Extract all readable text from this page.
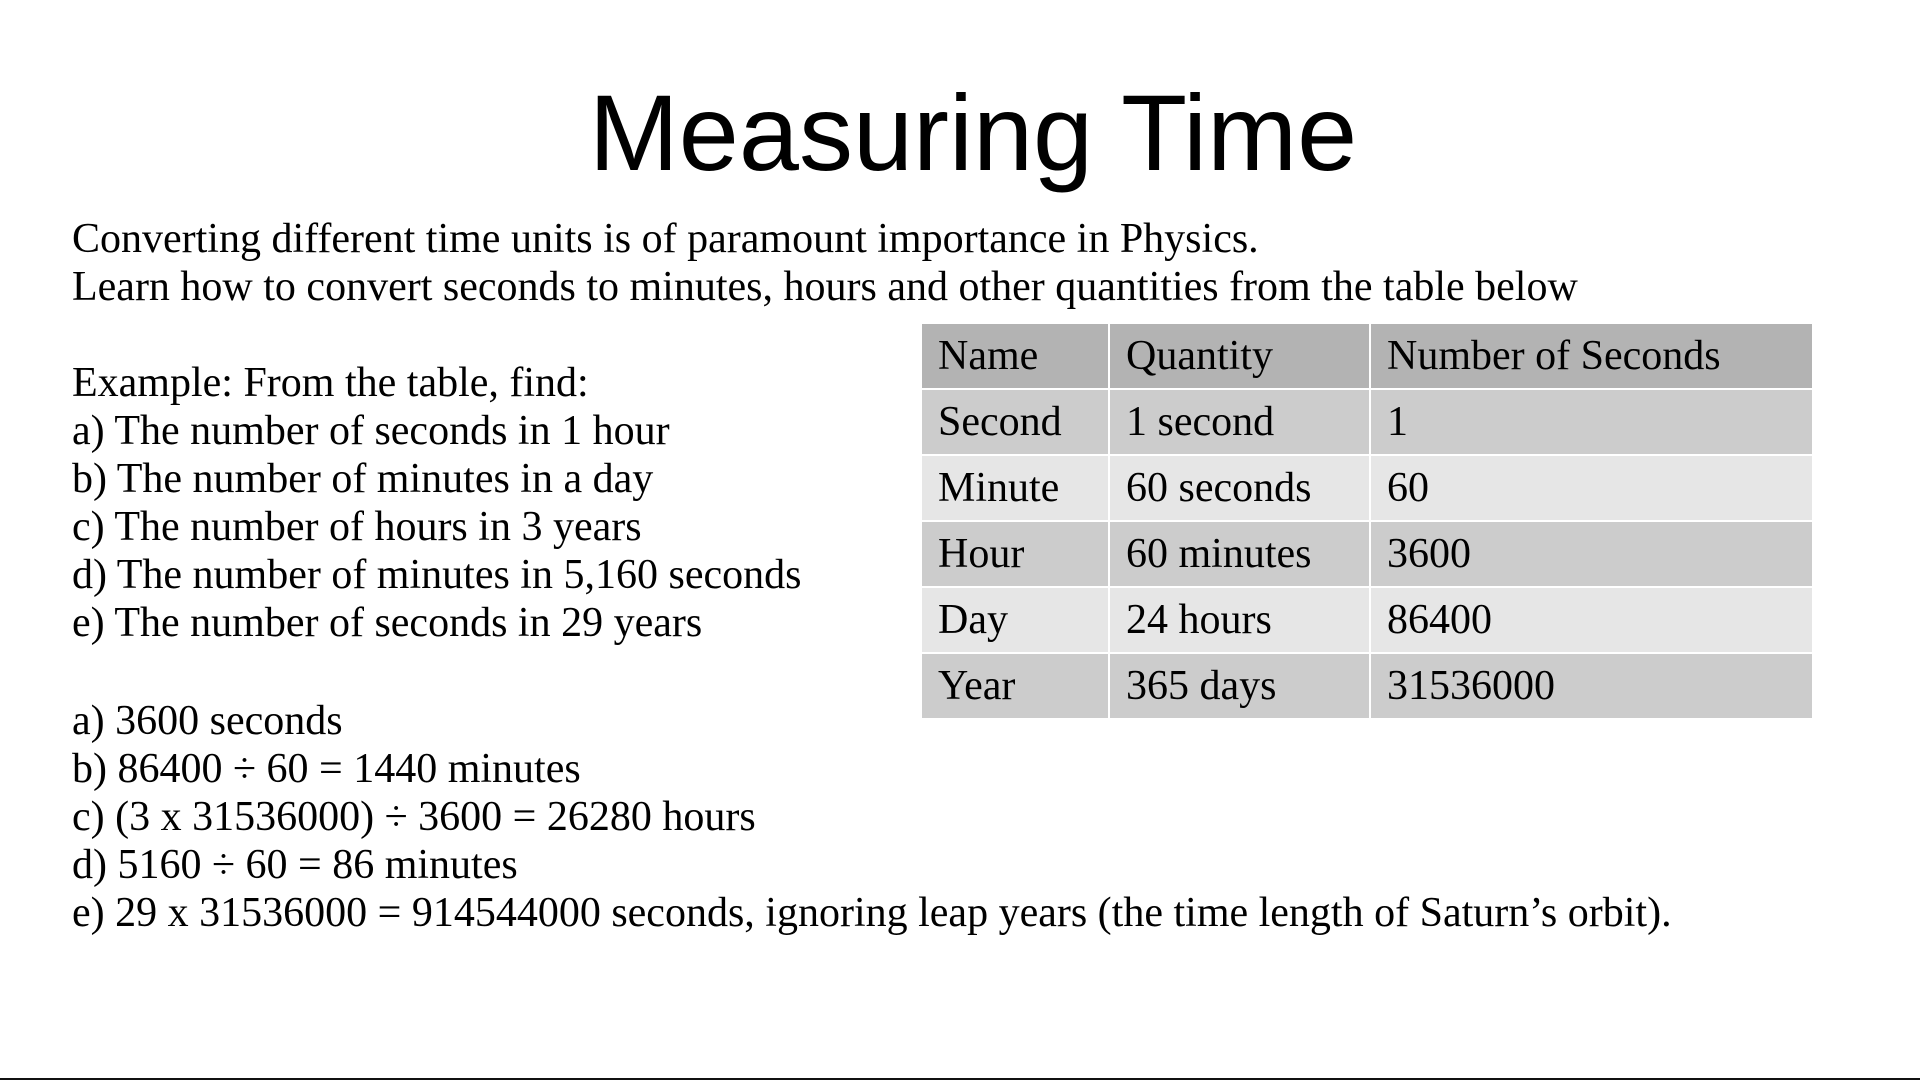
Measuring Time
Converting different time units is of paramount importance in Physics.
Learn how to convert seconds to minutes, hours and other quantities from the table below
Example: From the table, find:
a) The number of seconds in 1 hour
b) The number of minutes in a day
c) The number of hours in 3 years
d) The number of minutes in 5,160 seconds
e) The number of seconds in 29 years
Name	Quantity	Number of Seconds
Second	1 second	1
Minute	60 seconds	60
Hour	60 minutes	3600
Day	24 hours	86400
Year	365 days	31536000
a) 3600 seconds
b) 86400 ÷ 60 = 1440 minutes
c) (3 x 31536000) ÷ 3600 = 26280 hours
d) 5160 ÷ 60 = 86 minutes
e) 29 x 31536000 = 914544000 seconds, ignoring leap years (the time length of Saturn’s orbit).
